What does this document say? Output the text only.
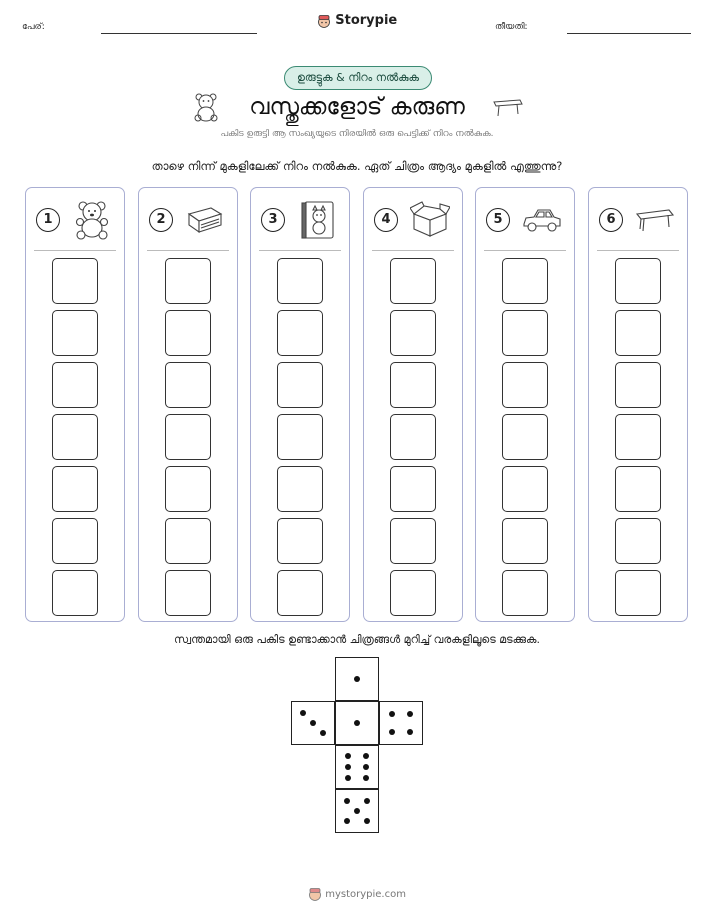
പേര്:	Storypie	തീയതി:
ഉരുട്ടുക & നിറം നൽകുക
വസ്തുക്കളോട് കരുണ
പകിട ഉരുട്ടി ആ സംഖ്യയുടെ നിരയിൽ ഒരു പെട്ടിക്ക് നിറം നൽകുക.
താഴെ നിന്ന് മുകളിലേക്ക് നിറം നൽകുക. ഏത് ചിത്രം ആദ്യം മുകളിൽ എത്തുന്നു?
1	2	3	4	5	6
സ്വന്തമായി ഒരു പകിട ഉണ്ടാക്കാൻ ചിത്രങ്ങൾ മുറിച്ച് വരകളിലൂടെ മടക്കുക.
mystorypie.com
